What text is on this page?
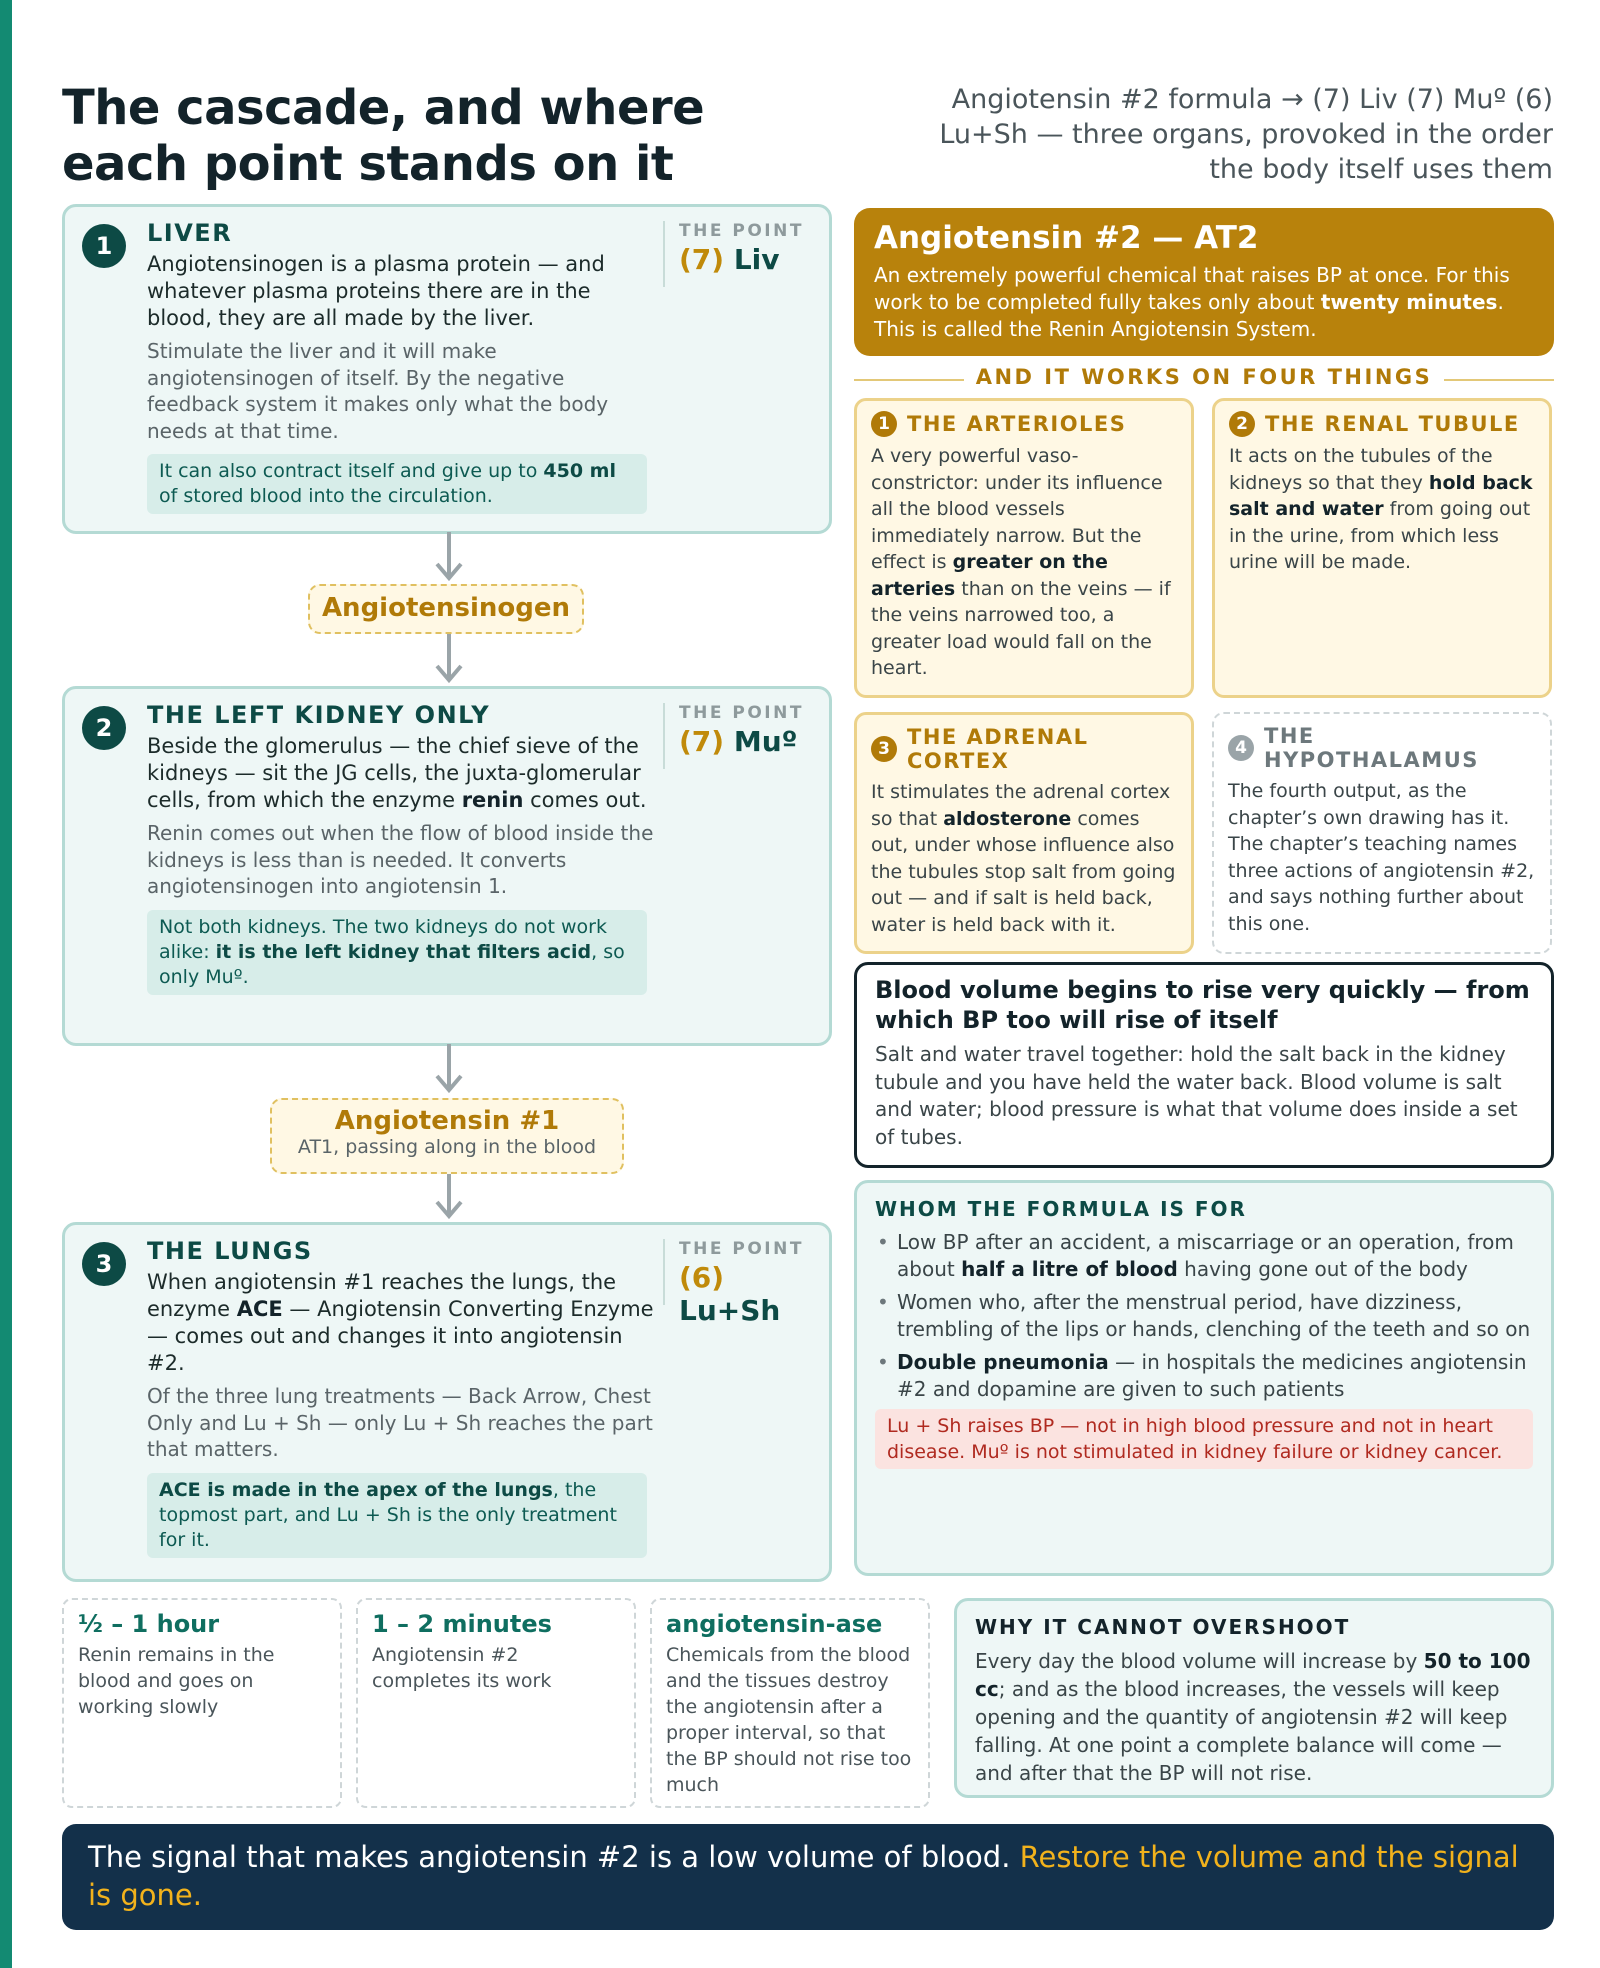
The cascade, and where each point stands on it

Angiotensin #2 formula → (7) Liv (7) Muº (6) Lu+Sh — three organs, provoked in the order the body itself uses them

1	LIVER
Angiotensinogen is a plasma protein — and whatever plasma proteins there are in the blood, they are all made by the liver.
Stimulate the liver and it will make angiotensinogen of itself. By the negative feedback system it makes only what the body needs at that time.
It can also contract itself and give up to 450 ml of stored blood into the circulation.
THE POINT
(7) Liv
Angiotensinogen
2	THE LEFT KIDNEY ONLY
Beside the glomerulus — the chief sieve of the kidneys — sit the JG cells, the juxta-glomerular cells, from which the enzyme renin comes out.
Renin comes out when the flow of blood inside the kidneys is less than is needed. It converts angiotensinogen into angiotensin 1.
Not both kidneys. The two kidneys do not work alike: it is the left kidney that filters acid, so only Muº.
THE POINT
(7) Muº
Angiotensin #1
AT1, passing along in the blood
3	THE LUNGS
When angiotensin #1 reaches the lungs, the enzyme ACE — Angiotensin Converting Enzyme — comes out and changes it into angiotensin #2.
Of the three lung treatments — Back Arrow, Chest Only and Lu + Sh — only Lu + Sh reaches the part that matters.
ACE is made in the apex of the lungs, the topmost part, and Lu + Sh is the only treatment for it.
THE POINT
(6) Lu+Sh
Angiotensin #2 — AT2
An extremely powerful chemical that raises BP at once. For this work to be completed fully takes only about twenty minutes. This is called the Renin Angiotensin System.
AND IT WORKS ON FOUR THINGS
1 THE ARTERIOLES
A very powerful vaso-constrictor: under its influence all the blood vessels immediately narrow. But the effect is greater on the arteries than on the veins — if the veins narrowed too, a greater load would fall on the heart.
2 THE RENAL TUBULE
It acts on the tubules of the kidneys so that they hold back salt and water from going out in the urine, from which less urine will be made.
3 THE ADRENAL CORTEX
It stimulates the adrenal cortex so that aldosterone comes out, under whose influence also the tubules stop salt from going out — and if salt is held back, water is held back with it.
4 THE HYPOTHALAMUS
The fourth output, as the chapter’s own drawing has it. The chapter’s teaching names three actions of angiotensin #2, and says nothing further about this one.
Blood volume begins to rise very quickly — from which BP too will rise of itself
Salt and water travel together: hold the salt back in the kidney tubule and you have held the water back. Blood volume is salt and water; blood pressure is what that volume does inside a set of tubes.
WHOM THE FORMULA IS FOR
• Low BP after an accident, a miscarriage or an operation, from about half a litre of blood having gone out of the body
• Women who, after the menstrual period, have dizziness, trembling of the lips or hands, clenching of the teeth and so on
• Double pneumonia — in hospitals the medicines angiotensin #2 and dopamine are given to such patients
Lu + Sh raises BP — not in high blood pressure and not in heart disease. Muº is not stimulated in kidney failure or kidney cancer.
½ – 1 hour
Renin remains in the blood and goes on working slowly
1 – 2 minutes
Angiotensin #2 completes its work
angiotensin-ase
Chemicals from the blood and the tissues destroy the angiotensin after a proper interval, so that the BP should not rise too much
WHY IT CANNOT OVERSHOOT
Every day the blood volume will increase by 50 to 100 cc; and as the blood increases, the vessels will keep opening and the quantity of angiotensin #2 will keep falling. At one point a complete balance will come — and after that the BP will not rise.
The signal that makes angiotensin #2 is a low volume of blood. Restore the volume and the signal is gone.
